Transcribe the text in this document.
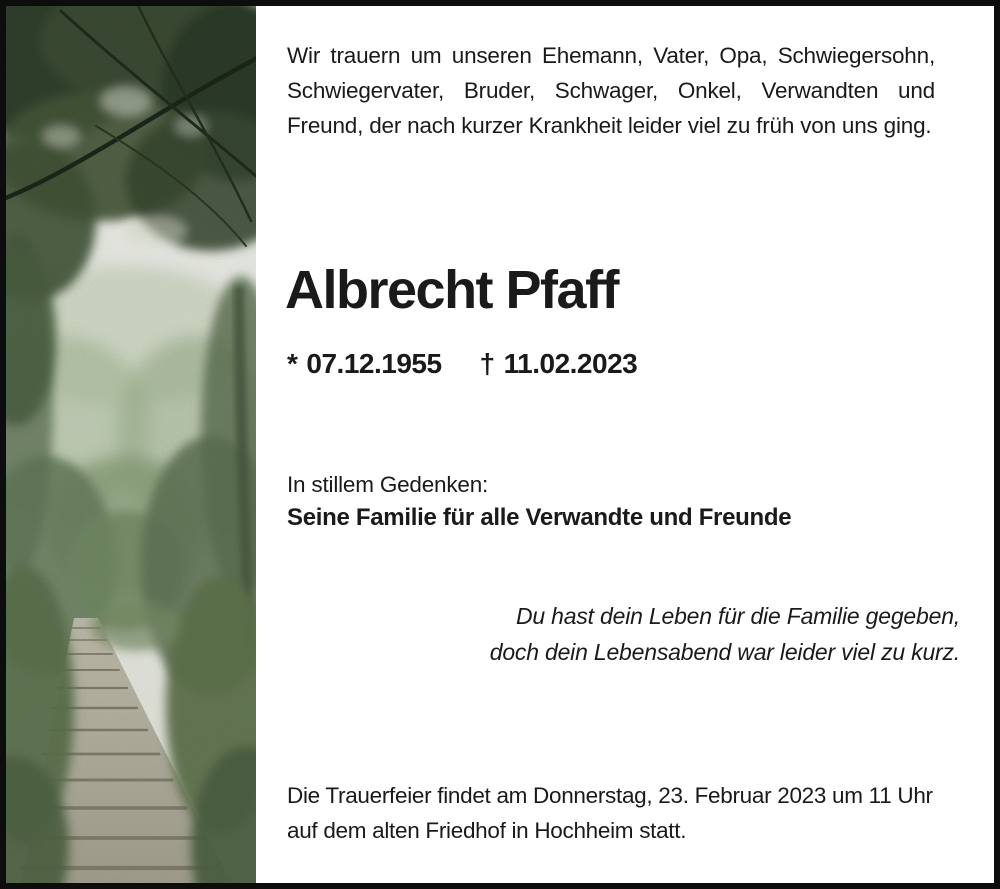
Wir trauern um unseren Ehemann, Vater, Opa, Schwiegersohn, Schwiegervater, Bruder, Schwager, Onkel, Verwandten und Freund, der nach kurzer Krankheit leider viel zu früh von uns ging.

Albrecht Pfaff
* 07.12.1955 † 11.02.2023

In stillem Gedenken:

Seine Familie für alle Verwandte und Freunde

Du hast dein Leben für die Familie gegeben,
doch dein Lebensabend war leider viel zu kurz.
Die Trauerfeier findet am Donnerstag, 23. Februar 2023 um 11 Uhr
auf dem alten Friedhof in Hochheim statt.
